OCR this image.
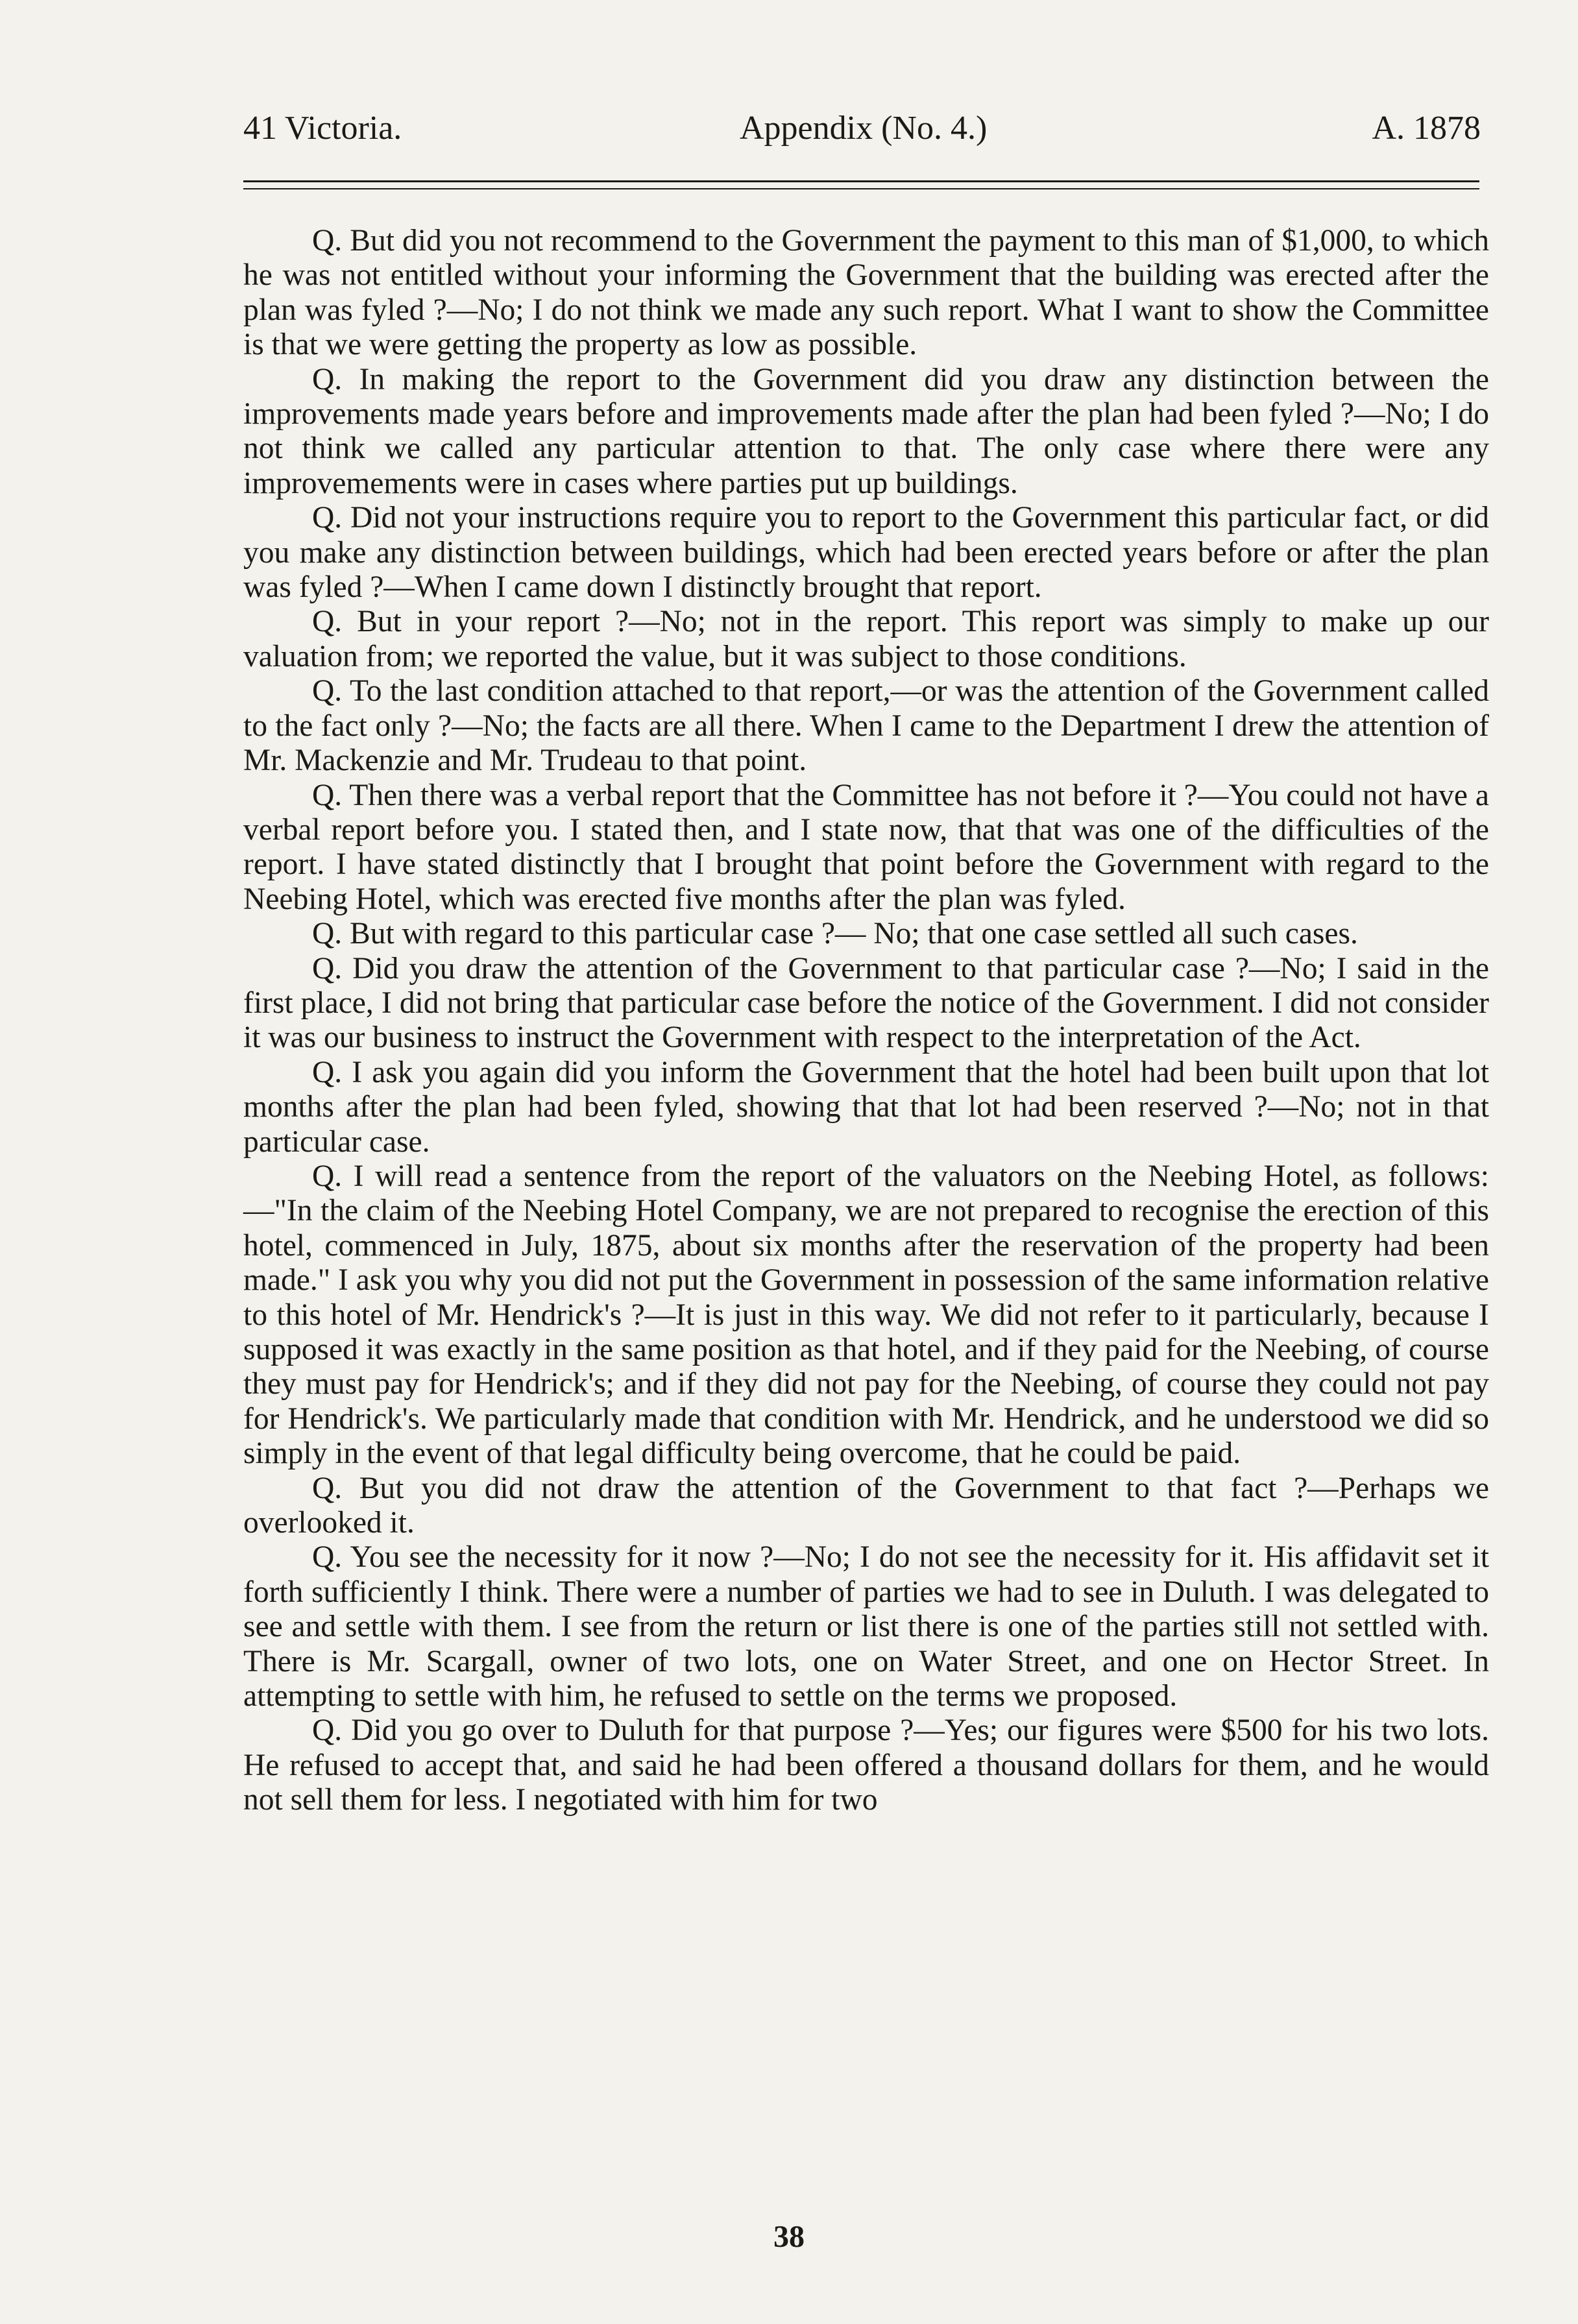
41 Victoria.	Appendix (No. 4.)	A. 1878

Q. But did you not recommend to the Government the payment to this man of $1,000, to which he was not entitled without your informing the Government that the building was erected after the plan was fyled ?—No; I do not think we made any such report. What I want to show the Committee is that we were getting the property as low as possible.

Q. In making the report to the Government did you draw any distinction between the improvements made years before and improvements made after the plan had been fyled ?—No; I do not think we called any particular attention to that. The only case where there were any improvemements were in cases where parties put up buildings.

Q. Did not your instructions require you to report to the Government this particular fact, or did you make any distinction between buildings, which had been erected years before or after the plan was fyled ?—When I came down I distinctly brought that report.

Q. But in your report ?—No; not in the report. This report was simply to make up our valuation from; we reported the value, but it was subject to those conditions.

Q. To the last condition attached to that report,—or was the attention of the Government called to the fact only ?—No; the facts are all there. When I came to the Department I drew the attention of Mr. Mackenzie and Mr. Trudeau to that point.

Q. Then there was a verbal report that the Committee has not before it ?—You could not have a verbal report before you. I stated then, and I state now, that that was one of the difficulties of the report. I have stated distinctly that I brought that point before the Government with regard to the Neebing Hotel, which was erected five months after the plan was fyled.

Q. But with regard to this particular case ?— No; that one case settled all such cases.

Q. Did you draw the attention of the Government to that particular case ?—No; I said in the first place, I did not bring that particular case before the notice of the Government. I did not consider it was our business to instruct the Government with respect to the interpretation of the Act.

Q. I ask you again did you inform the Government that the hotel had been built upon that lot months after the plan had been fyled, showing that that lot had been reserved ?—No; not in that particular case.

Q. I will read a sentence from the report of the valuators on the Neebing Hotel, as follows:—"In the claim of the Neebing Hotel Company, we are not prepared to recognise the erection of this hotel, commenced in July, 1875, about six months after the reservation of the property had been made." I ask you why you did not put the Government in possession of the same information relative to this hotel of Mr. Hendrick's ?—It is just in this way. We did not refer to it particularly, because I supposed it was exactly in the same position as that hotel, and if they paid for the Neebing, of course they must pay for Hendrick's; and if they did not pay for the Neebing, of course they could not pay for Hendrick's. We particularly made that condition with Mr. Hendrick, and he understood we did so simply in the event of that legal difficulty being overcome, that he could be paid.

Q. But you did not draw the attention of the Government to that fact ?—Perhaps we overlooked it.

Q. You see the necessity for it now ?—No; I do not see the necessity for it. His affidavit set it forth sufficiently I think. There were a number of parties we had to see in Duluth. I was delegated to see and settle with them. I see from the return or list there is one of the parties still not settled with. There is Mr. Scargall, owner of two lots, one on Water Street, and one on Hector Street. In attempting to settle with him, he refused to settle on the terms we proposed.

Q. Did you go over to Duluth for that purpose ?—Yes; our figures were $500 for his two lots. He refused to accept that, and said he had been offered a thousand dollars for them, and he would not sell them for less. I negotiated with him for two

38
